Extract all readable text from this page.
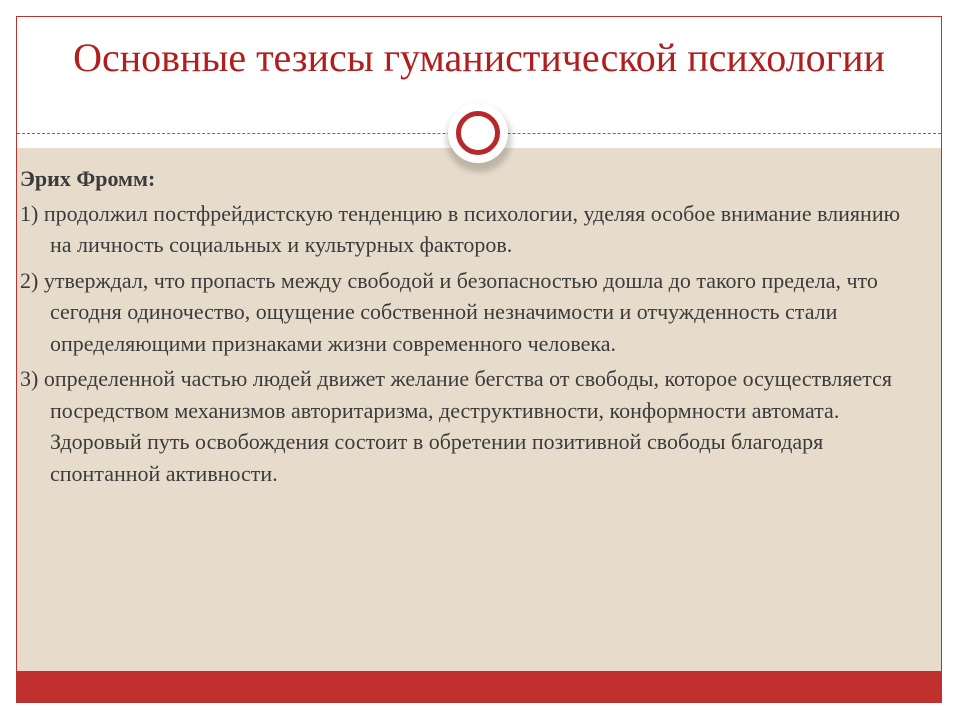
Основные тезисы гуманистической психологии

Эрих Фромм:

1) продолжил постфрейдистскую тенденцию в психологии, уделяя особое внимание влиянию на личность социальных и культурных факторов.

2) утверждал, что пропасть между свободой и безопасностью дошла до такого предела, что сегодня одиночество, ощущение собственной незначимости и отчужденность стали определяющими признаками жизни современного человека.

3) определенной частью людей движет желание бегства от свободы, которое осуществляется посредством механизмов авторитаризма, деструктивности, конформности автомата. Здоровый путь освобождения состоит в обретении позитивной свободы благодаря спонтанной активности.
